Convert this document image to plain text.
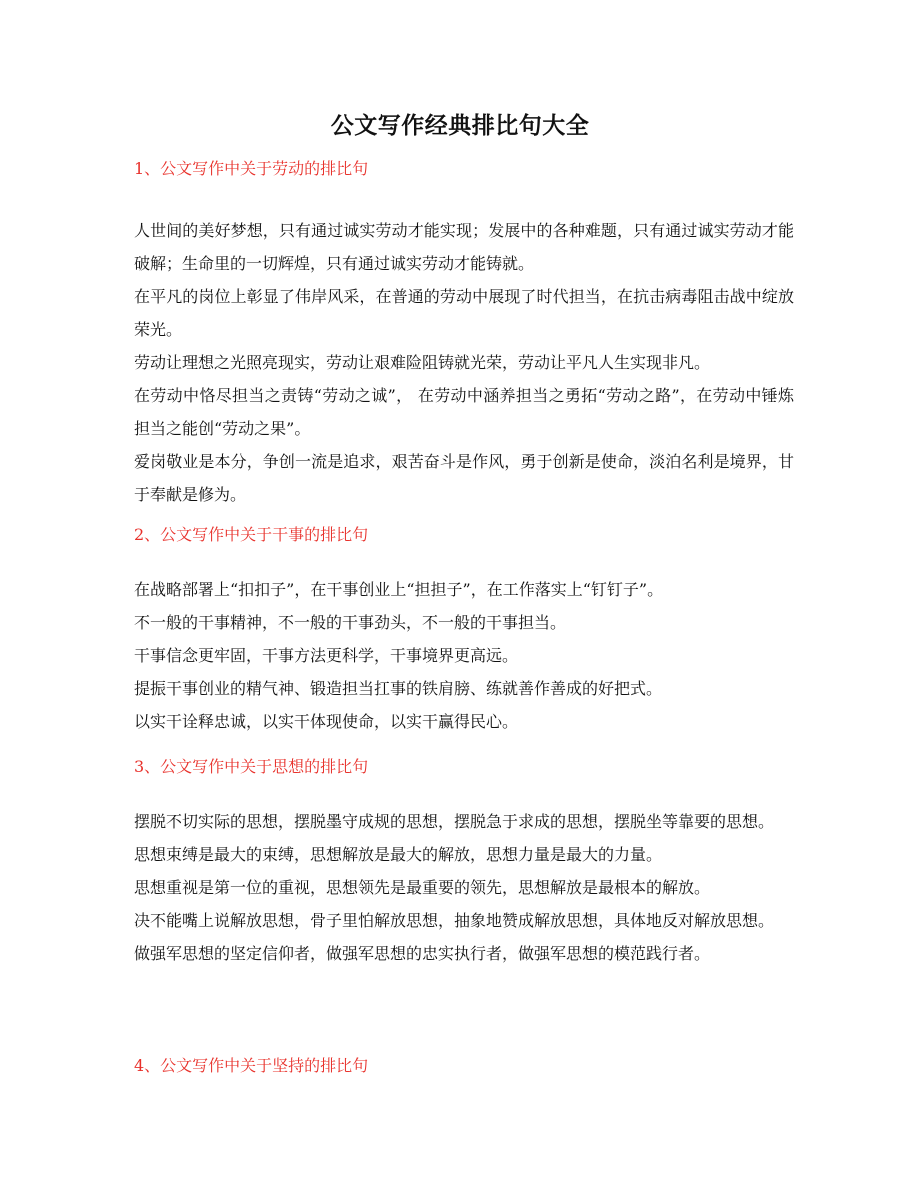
公文写作经典排比句大全

1、公文写作中关于劳动的排比句

人世间的美好梦想，只有通过诚实劳动才能实现；发展中的各种难题，只有通过诚实劳动才能破解；生命里的一切辉煌，只有通过诚实劳动才能铸就。

在平凡的岗位上彰显了伟岸风采，在普通的劳动中展现了时代担当，在抗击病毒阻击战中绽放荣光。

劳动让理想之光照亮现实，劳动让艰难险阻铸就光荣，劳动让平凡人生实现非凡。

在劳动中恪尽担当之责铸“劳动之诚”， 在劳动中涵养担当之勇拓“劳动之路”，在劳动中锤炼担当之能创“劳动之果”。

爱岗敬业是本分，争创一流是追求，艰苦奋斗是作风，勇于创新是使命，淡泊名利是境界，甘于奉献是修为。

2、公文写作中关于干事的排比句

在战略部署上“扣扣子”，在干事创业上“担担子”，在工作落实上“钉钉子”。

不一般的干事精神，不一般的干事劲头，不一般的干事担当。

干事信念更牢固，干事方法更科学，干事境界更高远。

提振干事创业的精气神、锻造担当扛事的铁肩膀、练就善作善成的好把式。

以实干诠释忠诚，以实干体现使命，以实干赢得民心。

3、公文写作中关于思想的排比句

摆脱不切实际的思想，摆脱墨守成规的思想，摆脱急于求成的思想，摆脱坐等靠要的思想。

思想束缚是最大的束缚，思想解放是最大的解放，思想力量是最大的力量。

思想重视是第一位的重视，思想领先是最重要的领先，思想解放是最根本的解放。

决不能嘴上说解放思想，骨子里怕解放思想，抽象地赞成解放思想，具体地反对解放思想。

做强军思想的坚定信仰者，做强军思想的忠实执行者，做强军思想的模范践行者。

4、公文写作中关于坚持的排比句
